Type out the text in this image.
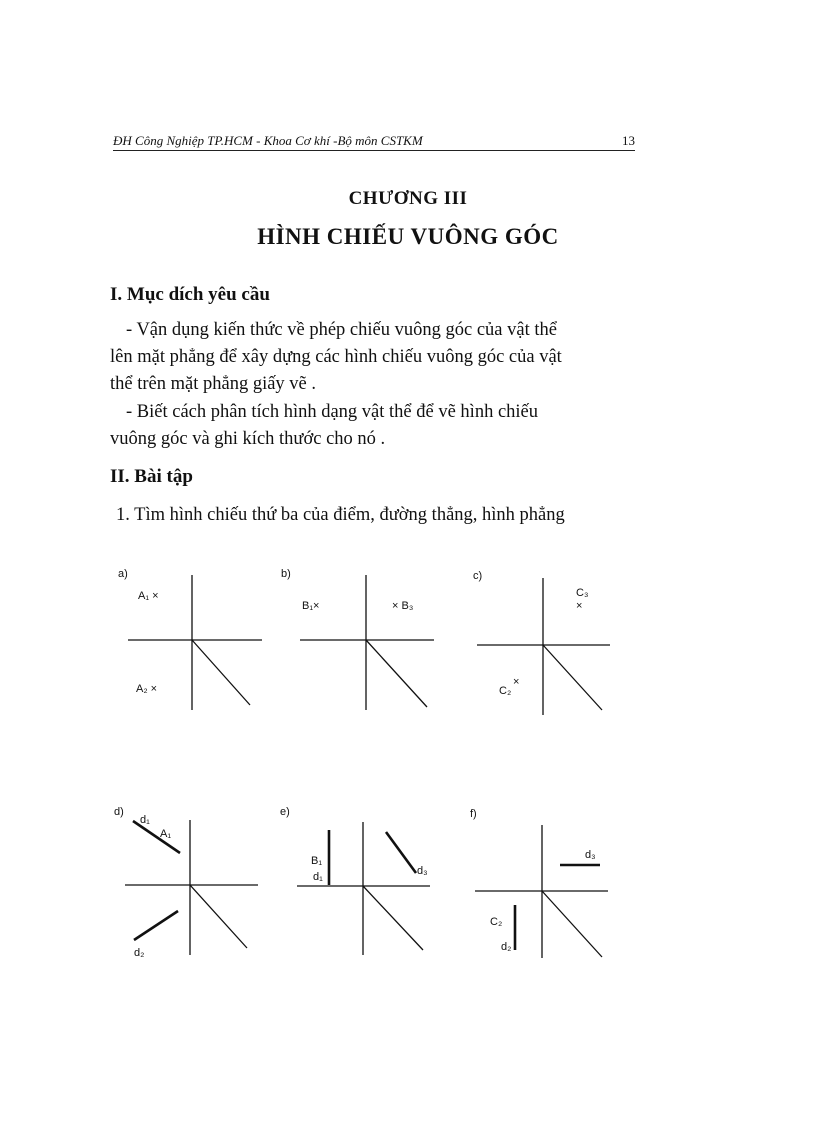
ĐH Công Nghiệp TP.HCM - Khoa Cơ khí -Bộ môn CSTKM	13
CHƯƠNG III
HÌNH CHIẾU VUÔNG GÓC
I. Mục dích yêu cầu
- Vận dụng kiến thức về phép chiếu vuông góc của vật thể
lên mặt phẳng để xây dựng các hình chiếu vuông góc của vật
thể trên mặt phẳng giấy vẽ .
- Biết cách phân tích hình dạng vật thể để vẽ hình chiếu
vuông góc và ghi kích thước cho nó .
II. Bài tập
1. Tìm hình chiếu thứ ba của điểm, đường thẳng, hình phẳng
a)
A₁ ×
A₂ ×
b)
B₁×	× B₃
c)
C₃
×
C₂
×
d)
d₁
A₁
d₂
e)
B₁
d₁	d₃
f)
d₃
C₂
d₂
